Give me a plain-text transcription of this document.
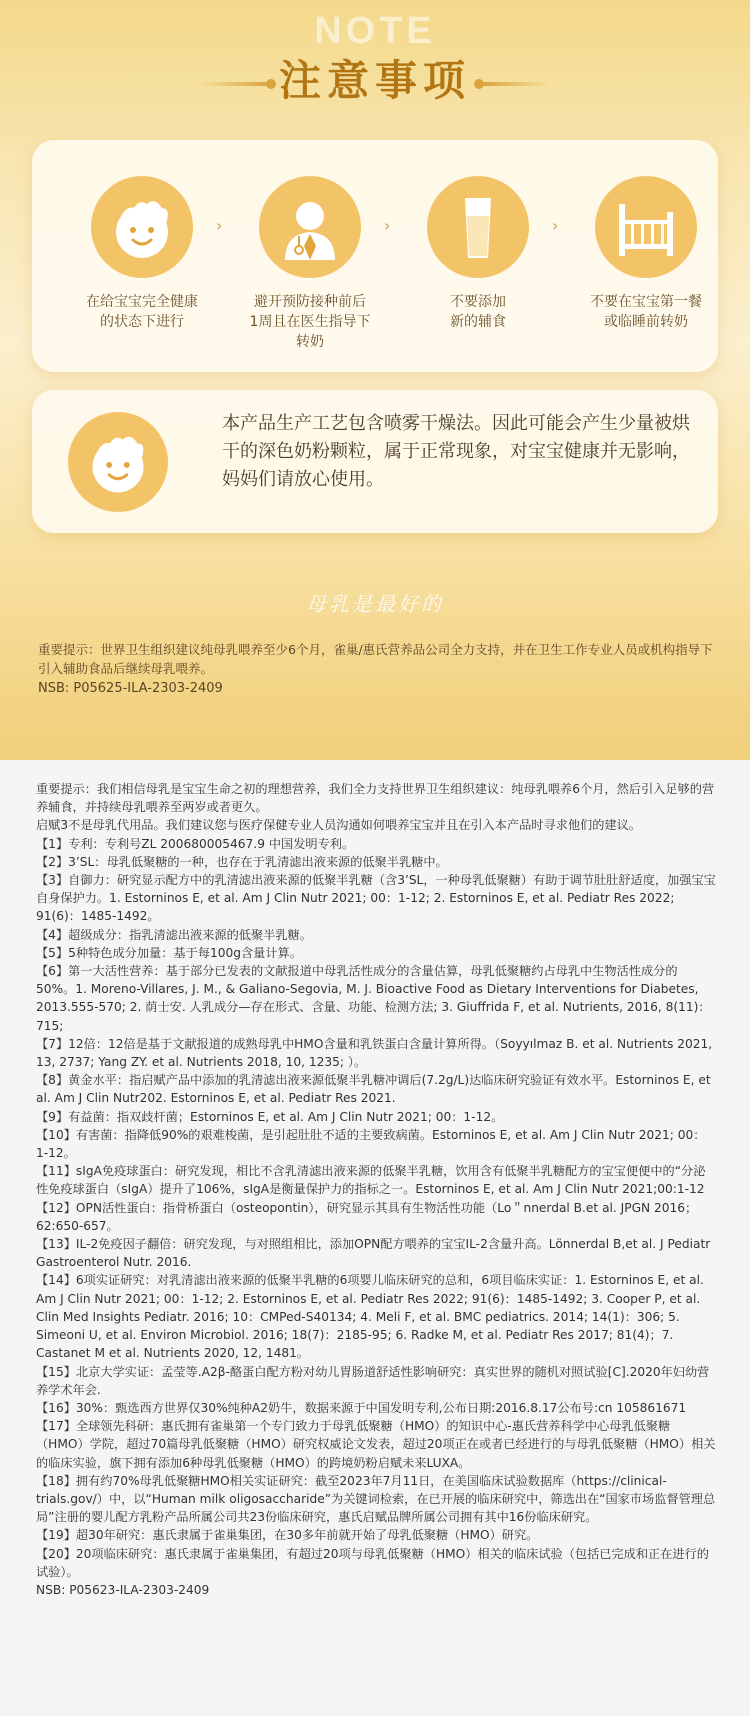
NOTE
注意事项
在给宝宝完全健康
的状态下进行
›
避开预防接种前后
1周且在医生指导下
转奶
›
不要添加
新的辅食
›
不要在宝宝第一餐
或临睡前转奶
本产品生产工艺包含喷雾干燥法。因此可能会产生少量被烘干的深色奶粉颗粒，属于正常现象，对宝宝健康并无影响，妈妈们请放心使用。
母乳是最好的
重要提示：世界卫生组织建议纯母乳喂养至少6个月，雀巢/惠氏营养品公司全力支持，并在卫生工作专业人员或机构指导下引入辅助食品后继续母乳喂养。
NSB: P05625-ILA-2303-2409

重要提示：我们相信母乳是宝宝生命之初的理想营养，我们全力支持世界卫生组织建议：纯母乳喂养6个月，然后引入足够的营养辅食，并持续母乳喂养至两岁或者更久。

启赋3不是母乳代用品。我们建议您与医疗保健专业人员沟通如何喂养宝宝并且在引入本产品时寻求他们的建议。

【1】专利：专利号ZL 200680005467.9 中国发明专利。

【2】3’SL：母乳低聚糖的一种，也存在于乳清滤出液来源的低聚半乳糖中。

【3】自御力：研究显示配方中的乳清滤出液来源的低聚半乳糖（含3’SL，一种母乳低聚糖）有助于调节肚肚舒适度，加强宝宝自身保护力。1. Estorninos E, et al. Am J Clin Nutr 2021; 00：1-12; 2. Estorninos E, et al. Pediatr Res 2022; 91(6)：1485-1492。

【4】超级成分：指乳清滤出液来源的低聚半乳糖。

【5】5种特色成分加量：基于每100g含量计算。

【6】第一大活性营养：基于部分已发表的文献报道中母乳活性成分的含量估算，母乳低聚糖约占母乳中生物活性成分的50%。1. Moreno-Villares, J. M., & Galiano-Segovia, M. J. Bioactive Food as Dietary Interventions for Diabetes, 2013.555-570; 2. 荫士安. 人乳成分—存在形式、含量、功能、检测方法; 3. Giuffrida F, et al. Nutrients, 2016, 8(11)：715;

【7】12倍：12倍是基于文献报道的成熟母乳中HMO含量和乳铁蛋白含量计算所得。（Soyyılmaz B. et al. Nutrients 2021, 13, 2737; Yang ZY. et al. Nutrients 2018, 10, 1235; ）。

【8】黄金水平：指启赋产品中添加的乳清滤出液来源低聚半乳糖冲调后(7.2g/L)达临床研究验证有效水平。Estorninos E, et al. Am J Clin Nutr202. Estorninos E, et al. Pediatr Res 2021.

【9】有益菌：指双歧杆菌；Estorninos E, et al. Am J Clin Nutr 2021; 00：1-12。

【10】有害菌：指降低90%的艰难梭菌，是引起肚肚不适的主要致病菌。Estorninos E, et al. Am J Clin Nutr 2021; 00：1-12。

【11】sIgA免疫球蛋白：研究发现，相比不含乳清滤出液来源的低聚半乳糖，饮用含有低聚半乳糖配方的宝宝便便中的“分泌性免疫球蛋白（sIgA）提升了106%，sIgA是衡量保护力的指标之一。Estorninos E, et al. Am J Clin Nutr 2021;00:1-12

【12】OPN活性蛋白：指骨桥蛋白（osteopontin），研究显示其具有生物活性功能（Lo＂nnerdal B.et al. JPGN 2016；62:650-657。

【13】IL-2免疫因子翻倍：研究发现，与对照组相比，添加OPN配方喂养的宝宝IL-2含量升高。Lönnerdal B,et al. J Pediatr Gastroenterol Nutr. 2016.

【14】6项实证研究：对乳清滤出液来源的低聚半乳糖的6项婴儿临床研究的总和，6项目临床实证：1. Estorninos E, et al. Am J Clin Nutr 2021; 00：1-12; 2. Estorninos E, et al. Pediatr Res 2022; 91(6)：1485-1492; 3. Cooper P, et al. Clin Med Insights Pediatr. 2016; 10：CMPed-S40134; 4. Meli F, et al. BMC pediatrics. 2014; 14(1)：306; 5. Simeoni U, et al. Environ Microbiol. 2016; 18(7)：2185-95; 6. Radke M, et al. Pediatr Res 2017; 81(4)；7. Castanet M et al. Nutrients 2020, 12, 1481。

【15】北京大学实证：孟莹等.A2β-酪蛋白配方粉对幼儿胃肠道舒适性影响研究：真实世界的随机对照试验[C].2020年妇幼营养学术年会.

【16】30%：甄选西方世界仅30%纯种A2奶牛，数据来源于中国发明专利,公布日期:2016.8.17公布号:cn 105861671

【17】全球领先科研：惠氏拥有雀巢第一个专门致力于母乳低聚糖（HMO）的知识中心-惠氏营养科学中心母乳低聚糖（HMO）学院，超过70篇母乳低聚糖（HMO）研究权威论文发表，超过20项正在或者已经进行的与母乳低聚糖（HMO）相关的临床实验，旗下拥有添加6种母乳低聚糖（HMO）的跨境奶粉启赋未来LUXA。

【18】拥有约70%母乳低聚糖HMO相关实证研究：截至2023年7月11日，在美国临床试验数据库（https://clinical-trials.gov/）中，以“Human milk oligosaccharide”为关键词检索，在已开展的临床研究中，筛选出在“国家市场监督管理总局”注册的婴儿配方乳粉产品所属公司共23份临床研究，惠氏启赋品牌所属公司拥有其中16份临床研究。

【19】超30年研究：惠氏隶属于雀巢集团，在30多年前就开始了母乳低聚糖（HMO）研究。

【20】20项临床研究：惠氏隶属于雀巢集团，有超过20项与母乳低聚糖（HMO）相关的临床试验（包括已完成和正在进行的试验）。

NSB: P05623-ILA-2303-2409
